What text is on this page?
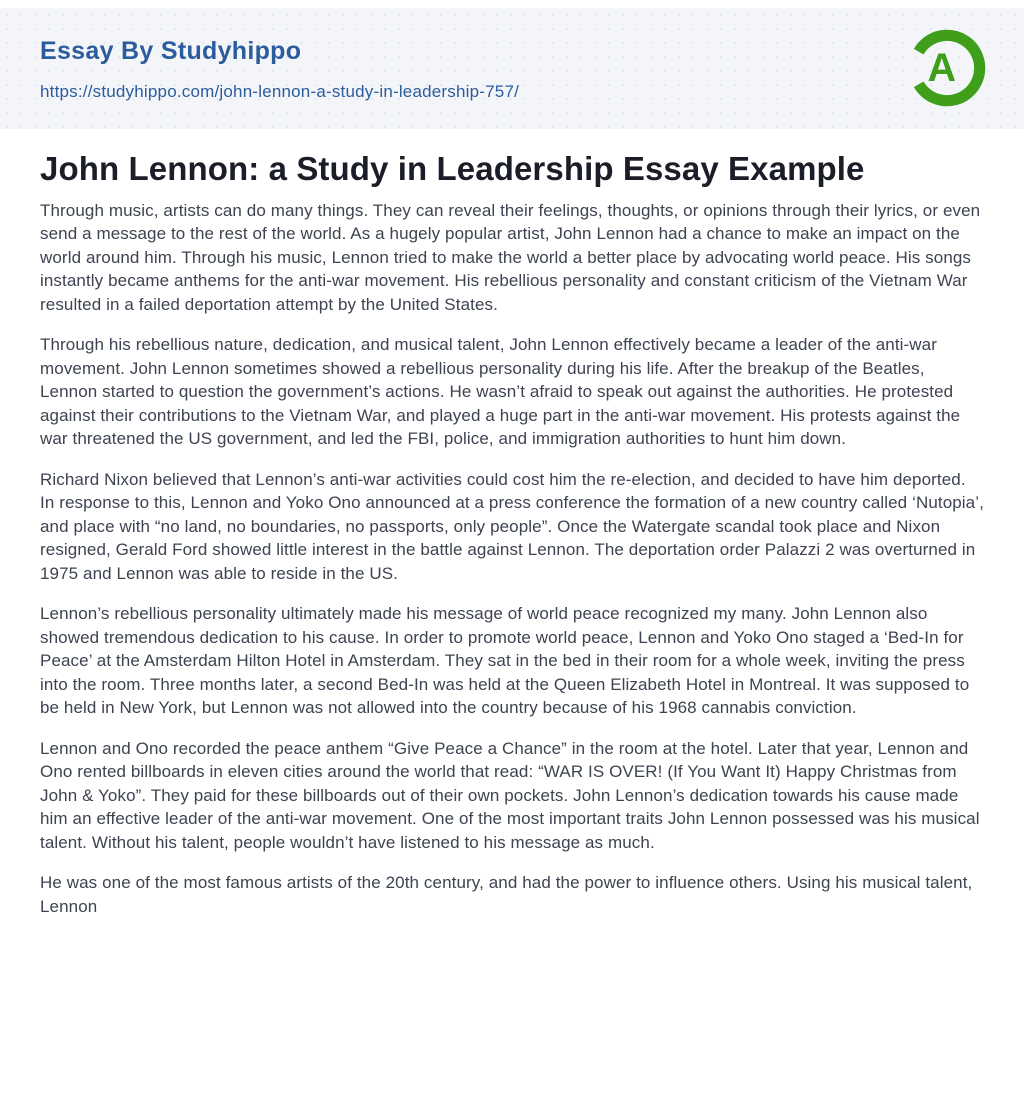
Essay By Studyhippo
https://studyhippo.com/john-lennon-a-study-in-leadership-757/
A
John Lennon: a Study in Leadership Essay Example

Through music, artists can do many things. They can reveal their feelings, thoughts, or opinions through their lyrics, or even send a message to the rest of the world. As a hugely popular artist, John Lennon had a chance to make an impact on the world around him. Through his music, Lennon tried to make the world a better place by advocating world peace. His songs instantly became anthems for the anti-war movement. His rebellious personality and constant criticism of the Vietnam War resulted in a failed deportation attempt by the United States.

Through his rebellious nature, dedication, and musical talent, John Lennon effectively became a leader of the anti-war movement. John Lennon sometimes showed a rebellious personality during his life. After the breakup of the Beatles, Lennon started to question the government’s actions. He wasn’t afraid to speak out against the authorities. He protested against their contributions to the Vietnam War, and played a huge part in the anti-war movement. His protests against the war threatened the US government, and led the FBI, police, and immigration authorities to hunt him down.

Richard Nixon believed that Lennon’s anti-war activities could cost him the re-election, and decided to have him deported. In response to this, Lennon and Yoko Ono announced at a press conference the formation of a new country called ‘Nutopia’, and place with “no land, no boundaries, no passports, only people”. Once the Watergate scandal took place and Nixon resigned, Gerald Ford showed little interest in the battle against Lennon. The deportation order Palazzi 2 was overturned in 1975 and Lennon was able to reside in the US.

Lennon’s rebellious personality ultimately made his message of world peace recognized my many. John Lennon also showed tremendous dedication to his cause. In order to promote world peace, Lennon and Yoko Ono staged a ‘Bed-In for Peace’ at the Amsterdam Hilton Hotel in Amsterdam. They sat in the bed in their room for a whole week, inviting the press into the room. Three months later, a second Bed-In was held at the Queen Elizabeth Hotel in Montreal. It was supposed to be held in New York, but Lennon was not allowed into the country because of his 1968 cannabis conviction.

Lennon and Ono recorded the peace anthem “Give Peace a Chance” in the room at the hotel. Later that year, Lennon and Ono rented billboards in eleven cities around the world that read: “WAR IS OVER! (If You Want It) Happy Christmas from John & Yoko”. They paid for these billboards out of their own pockets. John Lennon’s dedication towards his cause made him an effective leader of the anti-war movement. One of the most important traits John Lennon possessed was his musical talent. Without his talent, people wouldn’t have listened to his message as much.

He was one of the most famous artists of the 20th century, and had the power to influence others. Using his musical talent, Lennon
